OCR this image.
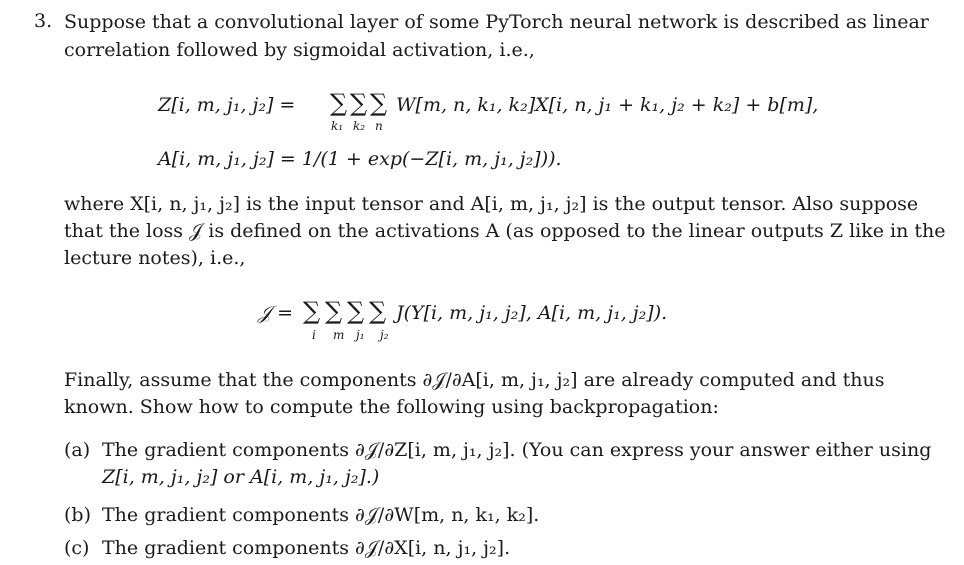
3. Suppose that a convolutional layer of some PyTorch neural network is described as linear
correlation followed by sigmoidal activation, i.e.,
Z[i, m, j₁, j₂] = ∑ ∑ ∑
k₁ k₂ n
W[m, n, k₁, k₂]X[i, n, j₁ + k₁, j₂ + k₂] + b[m],
A[i, m, j₁, j₂] = 1/(1 + exp(−Z[i, m, j₁, j₂])).
where X[i, n, j₁, j₂] is the input tensor and A[i, m, j₁, j₂] is the output tensor. Also suppose
that the loss 𝒥 is defined on the activations A (as opposed to the linear outputs Z like in the
lecture notes), i.e.,
𝒥 = ∑ ∑ ∑ ∑
i m j₁ j₂
J(Y[i, m, j₁, j₂], A[i, m, j₁, j₂]).
Finally, assume that the components ∂𝒥/∂A[i, m, j₁, j₂] are already computed and thus
known. Show how to compute the following using backpropagation:
(a) The gradient components ∂𝒥/∂Z[i, m, j₁, j₂]. (You can express your answer either using
Z[i, m, j₁, j₂] or A[i, m, j₁, j₂].)
(b) The gradient components ∂𝒥/∂W[m, n, k₁, k₂].
(c) The gradient components ∂𝒥/∂X[i, n, j₁, j₂].
